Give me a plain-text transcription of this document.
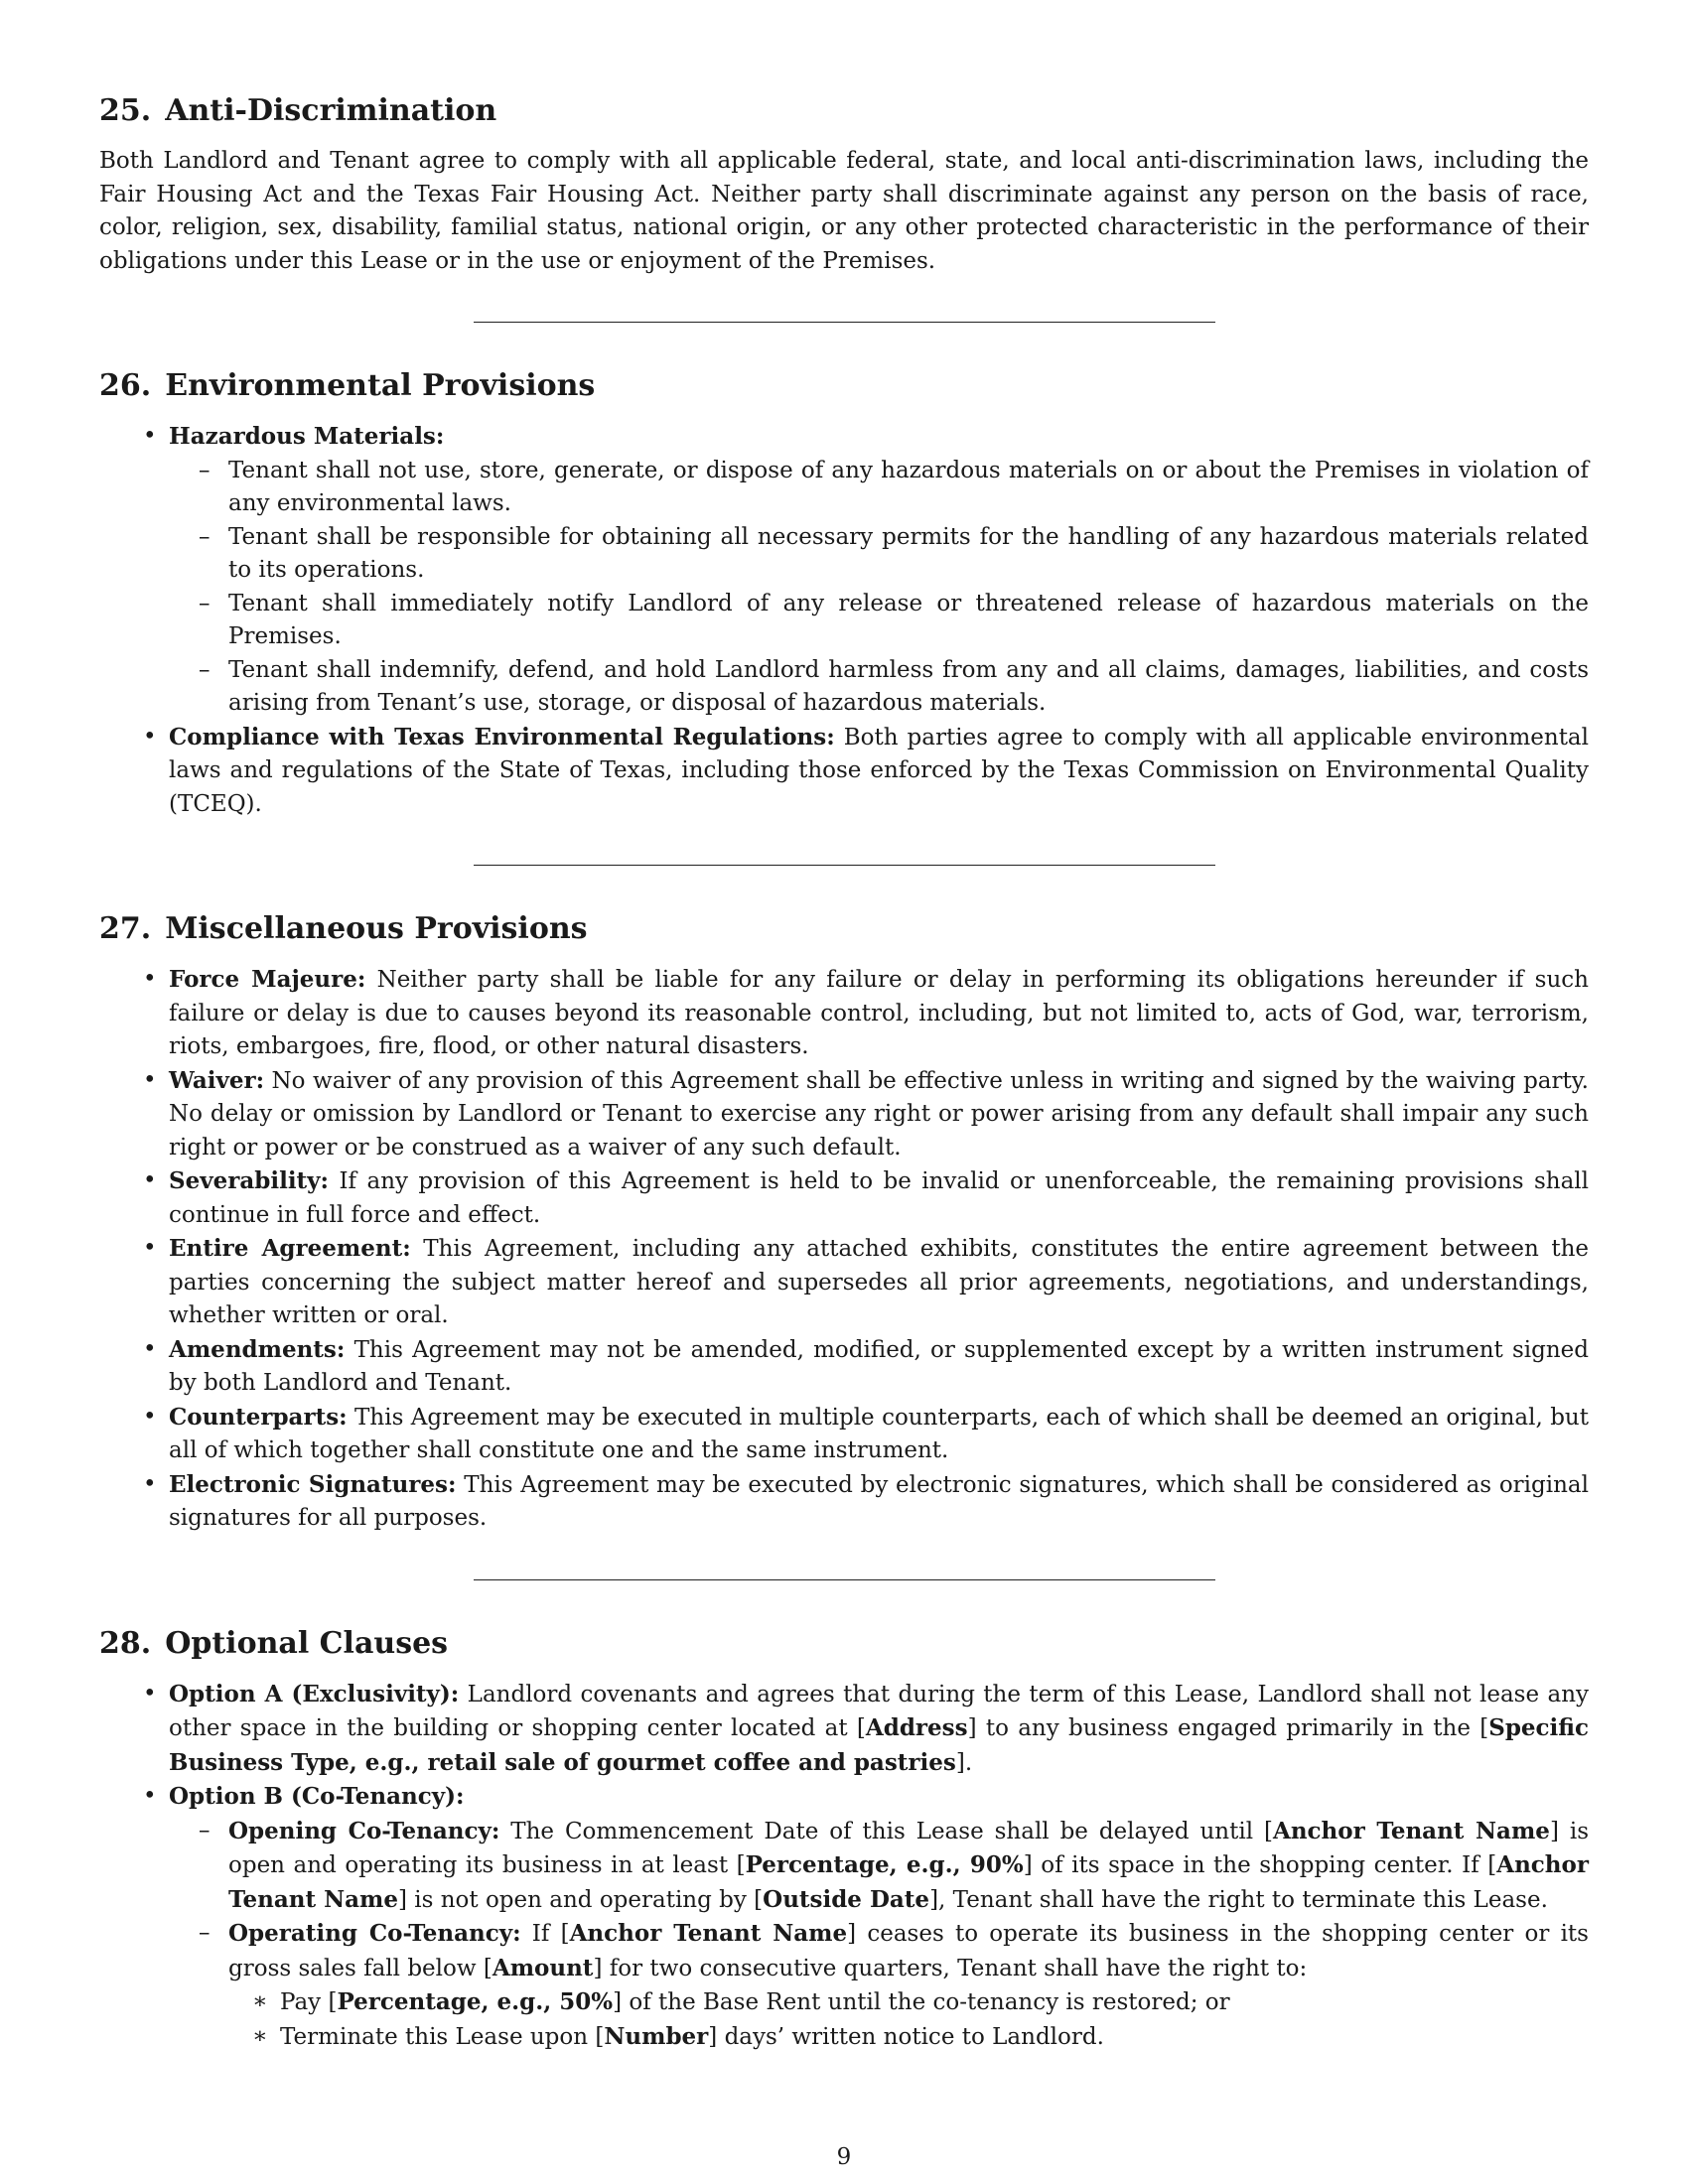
25. Anti-Discrimination

Both Landlord and Tenant agree to comply with all applicable federal, state, and local anti-discrimination laws, including the Fair Housing Act and the Texas Fair Housing Act. Neither party shall discriminate against any person on the basis of race, color, religion, sex, disability, familial status, national origin, or any other protected characteristic in the performance of their obligations under this Lease or in the use or enjoyment of the Premises.

26. Environmental Provisions
• Hazardous Materials:
– Tenant shall not use, store, generate, or dispose of any hazardous materials on or about the Premises in violation of any environmental laws.
– Tenant shall be responsible for obtaining all necessary permits for the handling of any hazardous materials related to its operations.
– Tenant shall immediately notify Landlord of any release or threatened release of hazardous materials on the Premises.
– Tenant shall indemnify, defend, and hold Landlord harmless from any and all claims, damages, liabilities, and costs arising from Tenant’s use, storage, or disposal of hazardous materials.
• Compliance with Texas Environmental Regulations: Both parties agree to comply with all applicable environmental laws and regulations of the State of Texas, including those enforced by the Texas Commission on Environmental Quality (TCEQ).
27. Miscellaneous Provisions
• Force Majeure: Neither party shall be liable for any failure or delay in performing its obligations hereunder if such failure or delay is due to causes beyond its reasonable control, including, but not limited to, acts of God, war, terrorism, riots, embargoes, fire, flood, or other natural disasters.
• Waiver: No waiver of any provision of this Agreement shall be effective unless in writing and signed by the waiving party. No delay or omission by Landlord or Tenant to exercise any right or power arising from any default shall impair any such right or power or be construed as a waiver of any such default.
• Severability: If any provision of this Agreement is held to be invalid or unenforceable, the remaining provisions shall continue in full force and effect.
• Entire Agreement: This Agreement, including any attached exhibits, constitutes the entire agreement between the parties concerning the subject matter hereof and supersedes all prior agreements, negotiations, and understandings, whether written or oral.
• Amendments: This Agreement may not be amended, modified, or supplemented except by a written instrument signed by both Landlord and Tenant.
• Counterparts: This Agreement may be executed in multiple counterparts, each of which shall be deemed an original, but all of which together shall constitute one and the same instrument.
• Electronic Signatures: This Agreement may be executed by electronic signatures, which shall be considered as original signatures for all purposes.
28. Optional Clauses
• Option A (Exclusivity): Landlord covenants and agrees that during the term of this Lease, Landlord shall not lease any other space in the building or shopping center located at [Address] to any business engaged primarily in the [Specific Business Type, e.g., retail sale of gourmet coffee and pastries].
• Option B (Co-Tenancy):
– Opening Co-Tenancy: The Commencement Date of this Lease shall be delayed until [Anchor Tenant Name] is open and operating its business in at least [Percentage, e.g., 90%] of its space in the shopping center. If [Anchor Tenant Name] is not open and operating by [Outside Date], Tenant shall have the right to terminate this Lease.
– Operating Co-Tenancy: If [Anchor Tenant Name] ceases to operate its business in the shopping center or its gross sales fall below [Amount] for two consecutive quarters, Tenant shall have the right to:
∗ Pay [Percentage, e.g., 50%] of the Base Rent until the co-tenancy is restored; or
∗ Terminate this Lease upon [Number] days’ written notice to Landlord.
9
